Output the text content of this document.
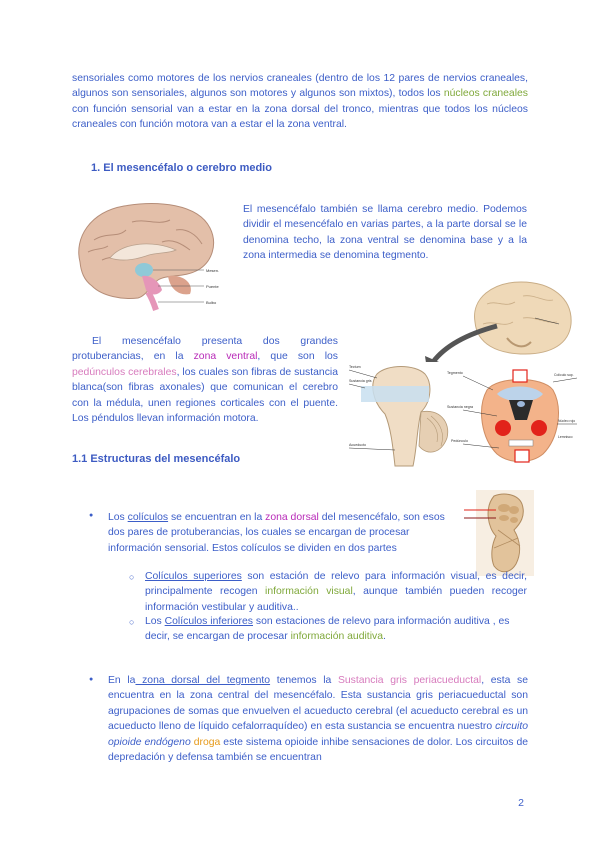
sensoriales como motores de los nervios craneales (dentro de los 12 pares de nervios craneales, algunos son sensoriales, algunos son motores y algunos son mixtos), todos los núcleos craneales con función sensorial van a estar en la zona dorsal del tronco, mientras que todos los núcleos craneales con función motora van a estar el la zona ventral.

1. El mesencéfalo o cerebro medio

Mesen.
Puente
Bulbo

El mesencéfalo también se llama cerebro medio. Podemos dividir el mesencéfalo en varias partes, a la parte dorsal se le denomina techo, la zona ventral se denomina base y a la zona intermedia se denomina tegmento.

El mesencéfalo presenta dos grandes protuberancias, en la zona ventral, que son los pedúnculos cerebrales, los cuales son fibras de sustancia blanca(son fibras axonales) que comunican el cerebro con la médula, unen regiones corticales con el puente. Los péndulos llevan información motora.

Tectum
Sustancia gris
Acueducto
Tegmento
Sustancia negra
Pedúnculo
Colículo sup.
Núcleo rojo
Lemnisco

1.1 Estructuras del mesencéfalo

● Los colículos se encuentran en la zona dorsal del mesencéfalo, son esos dos pares de protuberancias, los cuales se encargan de procesar información sensorial. Estos colículos se dividen en dos partes

○ Colículos superiores son estación de relevo para información visual, es decir, principalmente recogen información visual, aunque también pueden recoger información vestibular y auditiva..

○ Los Colículos inferiores son estaciones de relevo para información auditiva , es decir, se encargan de procesar información auditiva.

● En la zona dorsal del tegmento tenemos la Sustancia gris periacueductal, esta se encuentra en la zona central del mesencéfalo. Esta sustancia gris periacueductal son agrupaciones de somas que envuelven el acueducto cerebral (el acueducto cerebral es un acueducto lleno de líquido cefalorraquídeo) en esta sustancia se encuentra nuestro circuito opioide endógeno droga este sistema opioide inhibe sensaciones de dolor. Los circuitos de depredación y defensa también se encuentran

2
